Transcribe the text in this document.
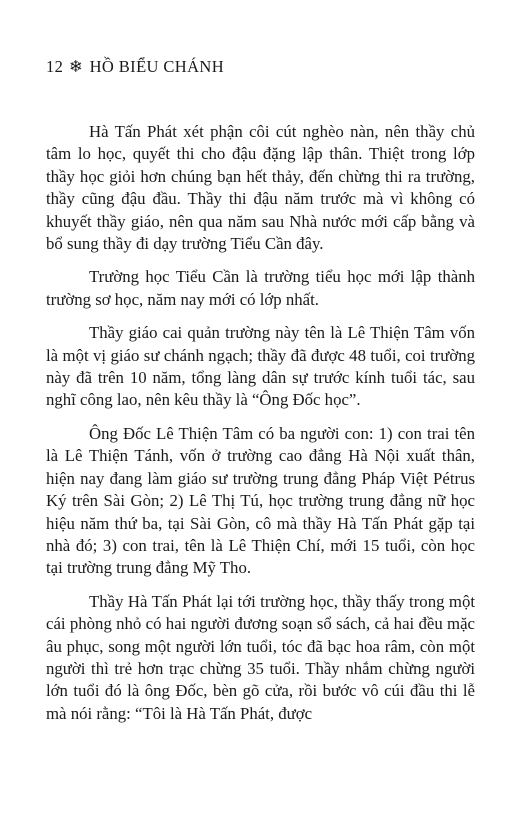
12 ❄ HỒ BIỂU CHÁNH

Hà Tấn Phát xét phận côi cút nghèo nàn, nên thầy chủ tâm lo học, quyết thi cho đậu đặng lập thân. Thiệt trong lớp thầy học giỏi hơn chúng bạn hết thảy, đến chừng thi ra trường, thầy cũng đậu đầu. Thầy thi đậu năm trước mà vì không có khuyết thầy giáo, nên qua năm sau Nhà nước mới cấp bằng và bổ sung thầy đi dạy trường Tiểu Cần đây.

Trường học Tiểu Cần là trường tiểu học mới lập thành trường sơ học, năm nay mới có lớp nhất.

Thầy giáo cai quản trường này tên là Lê Thiện Tâm vốn là một vị giáo sư chánh ngạch; thầy đã được 48 tuổi, coi trường này đã trên 10 năm, tổng làng dân sự trước kính tuổi tác, sau nghĩ công lao, nên kêu thầy là “Ông Đốc học”.

Ông Đốc Lê Thiện Tâm có ba người con: 1) con trai tên là Lê Thiện Tánh, vốn ở trường cao đẳng Hà Nội xuất thân, hiện nay đang làm giáo sư trường trung đẳng Pháp Việt Pétrus Ký trên Sài Gòn; 2) Lê Thị Tú, học trường trung đẳng nữ học hiệu năm thứ ba, tại Sài Gòn, cô mà thầy Hà Tấn Phát gặp tại nhà đó; 3) con trai, tên là Lê Thiện Chí, mới 15 tuổi, còn học tại trường trung đẳng Mỹ Tho.

Thầy Hà Tấn Phát lại tới trường học, thầy thấy trong một cái phòng nhỏ có hai người đương soạn sổ sách, cả hai đều mặc âu phục, song một người lớn tuổi, tóc đã bạc hoa râm, còn một người thì trẻ hơn trạc chừng 35 tuổi. Thầy nhắm chừng người lớn tuổi đó là ông Đốc, bèn gõ cửa, rồi bước vô cúi đầu thi lễ mà nói rằng: “Tôi là Hà Tấn Phát, được
